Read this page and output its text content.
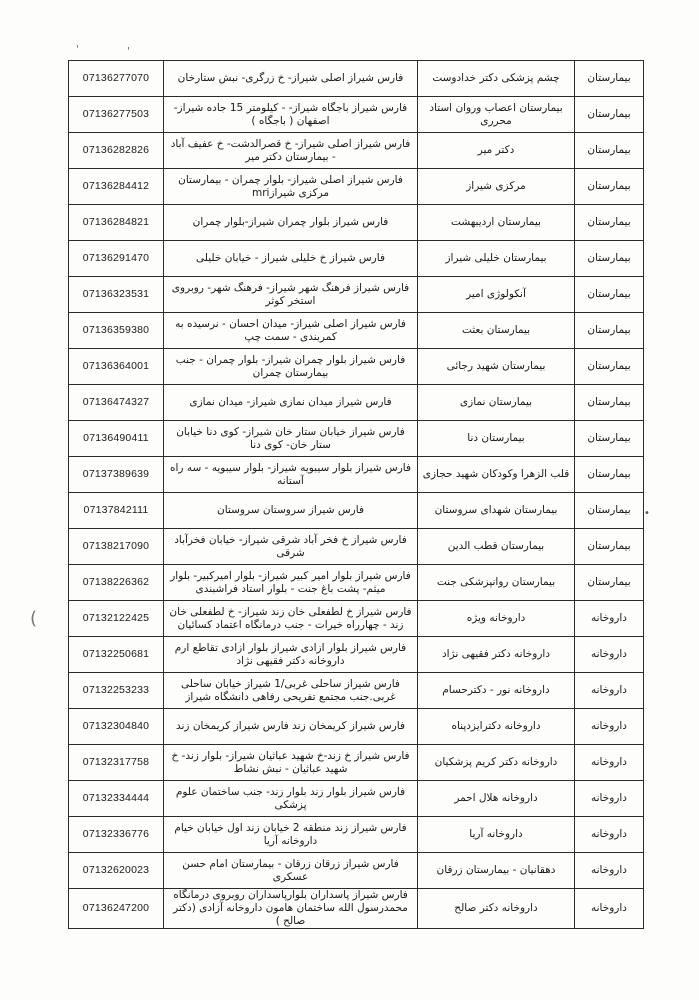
'	'
(
•
07136277070	فارس شیراز اصلی شیراز- خ زرگری- نبش ستارخان	چشم پزشکی دکتر خدادوست	بیمارستان
07136277503	فارس شیراز باجگاه شیراز- - کیلومتر 15 جاده شیراز- اصفهان ( باجگاه )	بیمارستان اعصاب وروان استاد محرری	بیمارستان
07136282826	فارس شیراز اصلی شیراز- خ قصرالدشت- خ عفیف آباد - بیمارستان دکتر میر	دکتر میر	بیمارستان
07136284412	فارس شیراز اصلی شیراز- بلوار چمران - بیمارستان مرکزی شیرازmri	مرکزی شیراز	بیمارستان
07136284821	فارس شیراز بلوار چمران شیراز-بلوار چمران	بیمارستان اردیبهشت	بیمارستان
07136291470	فارس شیراز خ خلیلی شیراز - خیابان خلیلی	بیمارستان خلیلی شیراز	بیمارستان
07136323531	فارس شیراز فرهنگ شهر شیراز- فرهنگ شهر- روبروی استخر کوثر	آنکولوژی امیر	بیمارستان
07136359380	فارس شیراز اصلی شیراز- میدان احسان - نرسیده به کمربندی - سمت چپ	بیمارستان بعثت	بیمارستان
07136364001	فارس شیراز بلوار چمران شیراز- بلوار چمران - جنب بیمارستان چمران	بیمارستان شهید رجائی	بیمارستان
07136474327	فارس شیراز میدان نمازی شیراز- میدان نمازی	بیمارستان نمازی	بیمارستان
07136490411	فارس شیراز خیابان ستار خان شیراز- کوی دنا خیابان ستار خان- کوی دنا	بیمارستان دنا	بیمارستان
07137389639	فارس شیراز بلوار سیبویه شیراز- بلوار سیبویه - سه راه آستانه	قلب الزهرا وکودکان شهید حجازی	بیمارستان
07137842111	فارس شیراز سروستان سروستان	بیمارستان شهدای سروستان	بیمارستان
07138217090	فارس شیراز خ فخر آباد شرقی شیراز- خیابان فخرآباد شرقی	بیمارستان قطب الدین	بیمارستان
07138226362	فارس شیراز بلوار امیر کبیر شیراز- بلوار امیرکبیر- بلوار میثم- پشت باغ جنت - بلوار استاد فراشبندی	بیمارستان روانپزشکی جنت	بیمارستان
07132122425	فارس شیراز خ لطفعلی خان زند شیراز- خ لطفعلی خان زند - چهارراه خیرات - جنب درمانگاه اعتماد کسائیان	داروخانه ویژه	داروخانه
07132250681	فارس شیراز بلوار ازادی شیراز بلوار ازادی تقاطع ارم داروخانه دکتر فقیهی نژاد	داروخانه دکتر فقیهی نژاد	داروخانه
07132253233	فارس شیراز ساحلی غربی/1 شیراز خیابان ساحلی غربی.جنب مجتمع تفریحی رفاهی دانشگاه شیراز	داروخانه نور - دکترحسام	داروخانه
07132304840	فارس شیراز کریمخان زند فارس شیراز کریمخان زند	داروخانه دکترایزدپناه	داروخانه
07132317758	فارس شیراز خ زند-خ شهید عباثیان شیراز- بلوار زند- خ شهید عباثیان - نبش نشاط	داروخانه دکتر کریم پزشکیان	داروخانه
07132334444	فارس شیراز بلوار زند بلوار زند- جنب ساختمان علوم پزشکی	داروخانه هلال احمر	داروخانه
07132336776	فارس شیراز زند منطقه 2 خیابان زند اول خیابان خیام داروخانه آریا	داروخانه آریا	داروخانه
07132620023	فارس شیراز زرقان زرقان - بیمارستان امام حسن عسکری	دهقانیان - بیمارستان زرقان	داروخانه
07136247200	فارس شیراز پاسداران بلوارپاسداران روبروی درمانگاه محمدرسول الله ساختمان هامون داروخانه آزادی (دکتر صالح )	داروخانه دکتر صالح	داروخانه
